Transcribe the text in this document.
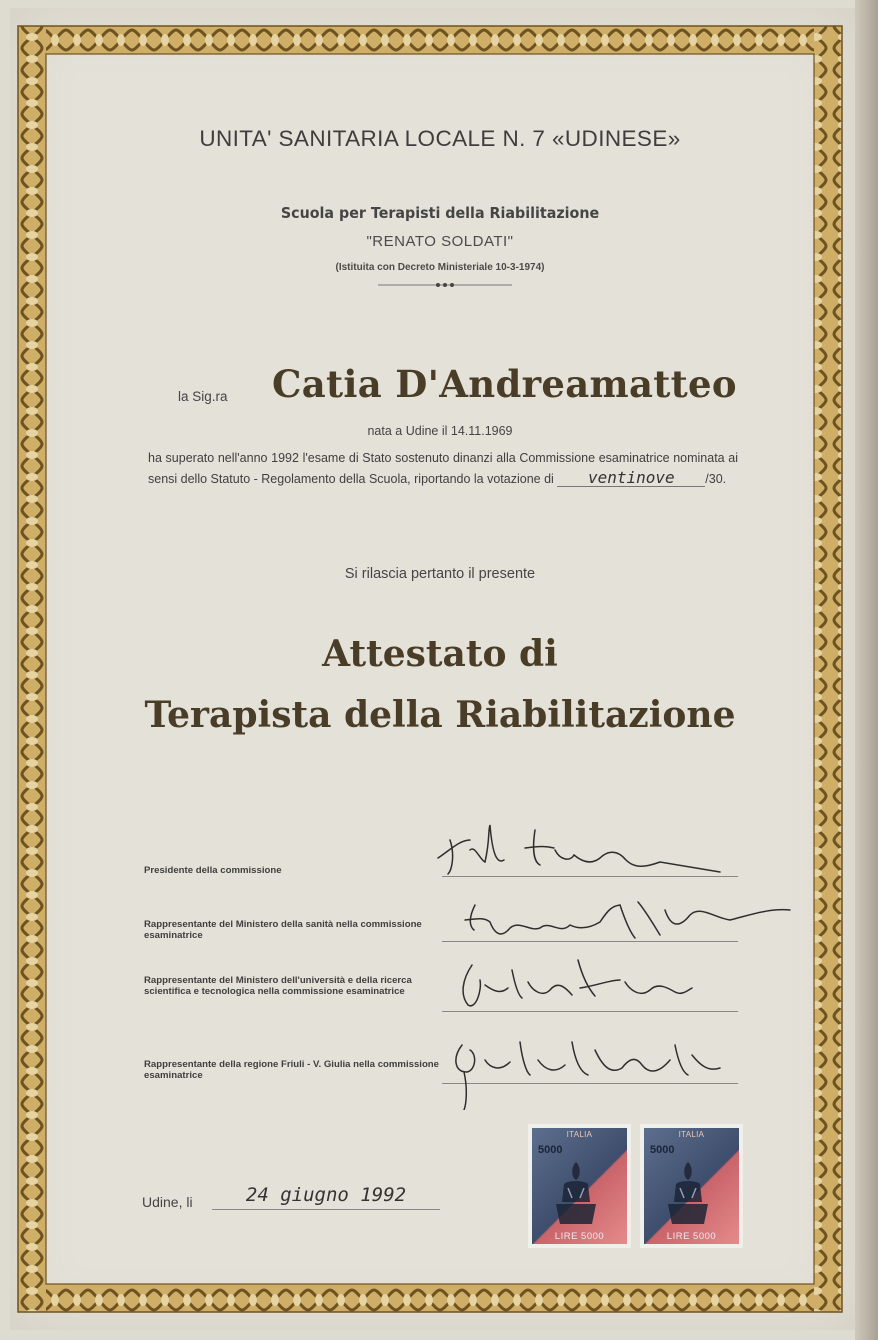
UNITA' SANITARIA LOCALE N. 7 «UDINESE»
Scuola per Terapisti della Riabilitazione
"RENATO SOLDATI"
(Istituita con Decreto Ministeriale 10-3-1974)
la Sig.ra Catia D'Andreamatteo
nata a Udine il 14.11.1969
ha superato nell'anno 1992 l'esame di Stato sostenuto dinanzi alla Commissione esaminatrice nominata ai sensi dello Statuto - Regolamento della Scuola, riportando la votazione di ventinove /30.
Si rilascia pertanto il presente
Attestato di
Terapista della Riabilitazione
Presidente della commissione
Rappresentante del Ministero della sanità nella commissione esaminatrice
Rappresentante del Ministero dell'università e della ricerca scientifica e tecnologica nella commissione esaminatrice
Rappresentante della regione Friuli - V. Giulia nella commissione esaminatrice
Udine, li	24 giugno 1992
ITALIA
5000
LIRE 5000
ITALIA
5000
LIRE 5000
